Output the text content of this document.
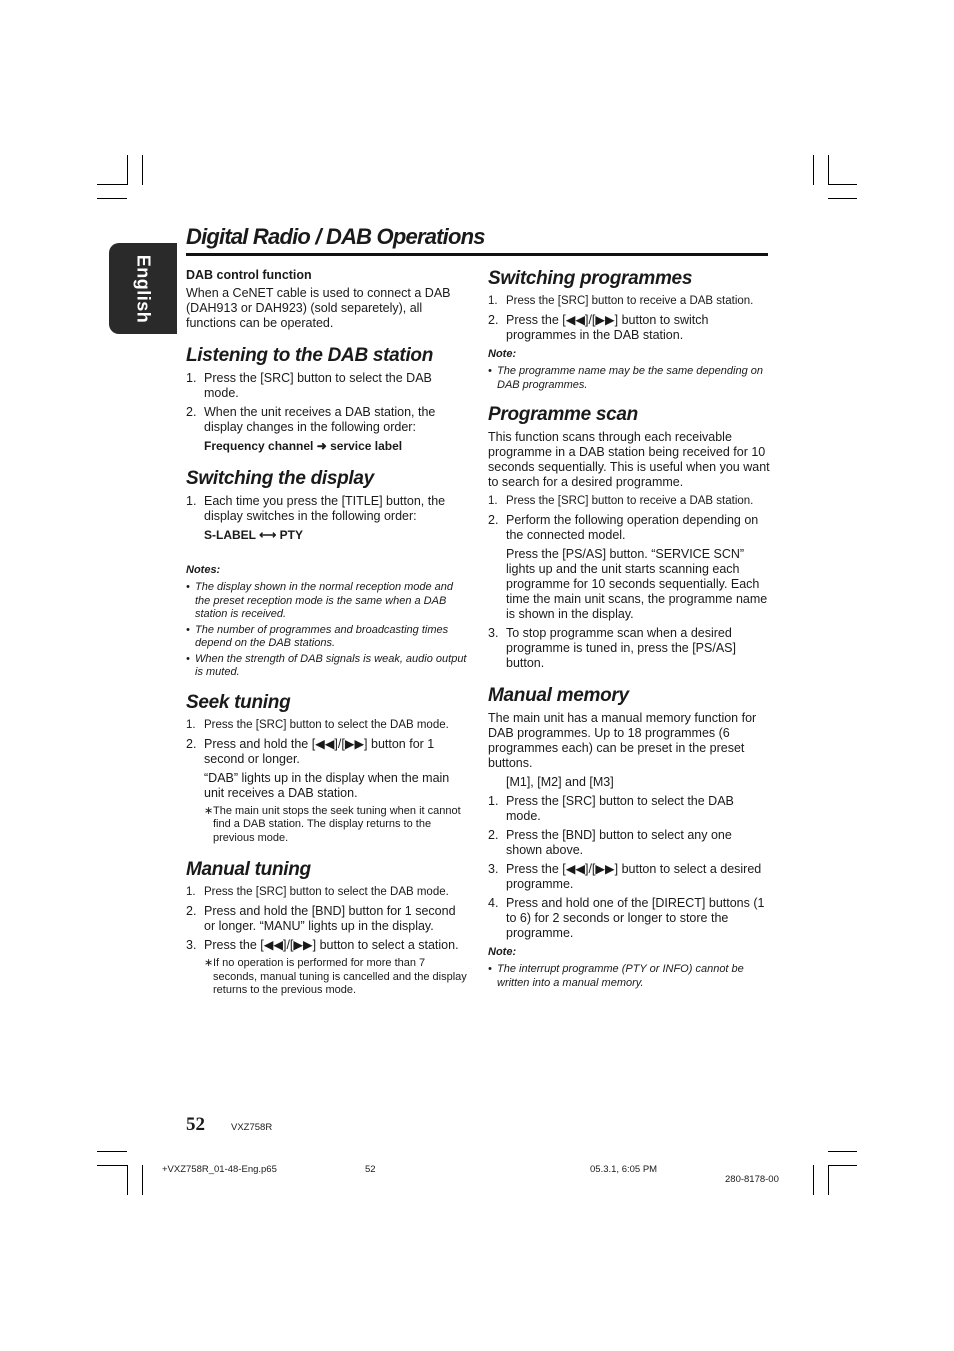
English
Digital Radio / DAB Operations
DAB control function

When a CeNET cable is used to connect a DAB (DAH913 or DAH923) (sold separetely), all functions can be operated.

Listening to the DAB station
1. Press the [SRC] button to select the DAB mode.
2. When the unit receives a DAB station, the display changes in the following order:

Frequency channel ➜ service label

Switching the display
1. Each time you press the [TITLE] button, the display switches in the following order:

S-LABEL ⟷ PTY

Notes:

• The display shown in the normal reception mode and the preset reception mode is the same when a DAB station is received.

• The number of programmes and broadcasting times depend on the DAB stations.

• When the strength of DAB signals is weak, audio output is muted.

Seek tuning
1. Press the [SRC] button to select the DAB mode.
2. Press and hold the [◀◀]/[▶▶] button for 1 second or longer.

“DAB” lights up in the display when the main unit receives a DAB station.

∗ The main unit stops the seek tuning when it cannot find a DAB station. The display returns to the previous mode.

Manual tuning
1. Press the [SRC] button to select the DAB mode.
2. Press and hold the [BND] button for 1 second or longer. “MANU” lights up in the display.
3. Press the [◀◀]/[▶▶] button to select a station.

∗ If no operation is performed for more than 7 seconds, manual tuning is cancelled and the display returns to the previous mode.

Switching programmes
1. Press the [SRC] button to receive a DAB station.
2. Press the [◀◀]/[▶▶] button to switch programmes in the DAB station.

Note:

• The programme name may be the same depending on DAB programmes.

Programme scan

This function scans through each receivable programme in a DAB station being received for 10 seconds sequentially. This is useful when you want to search for a desired programme.

1. Press the [SRC] button to receive a DAB station.
2. Perform the following operation depending on the connected model.

Press the [PS/AS] button. “SERVICE SCN” lights up and the unit starts scanning each programme for 10 seconds sequentially. Each time the main unit scans, the programme name is shown in the display.

3. To stop programme scan when a desired programme is tuned in, press the [PS/AS] button.
Manual memory

The main unit has a manual memory function for DAB programmes. Up to 18 programmes (6 programmes each) can be preset in the preset buttons.

[M1], [M2] and [M3]

1. Press the [SRC] button to select the DAB mode.
2. Press the [BND] button to select any one shown above.
3. Press the [◀◀]/[▶▶] button to select a desired programme.
4. Press and hold one of the [DIRECT] buttons (1 to 6) for 2 seconds or longer to store the programme.

Note:

• The interrupt programme (PTY or INFO) cannot be written into a manual memory.

52	VXZ758R
+VXZ758R_01-48-Eng.p65	52	05.3.1, 6:05 PM
280-8178-00
